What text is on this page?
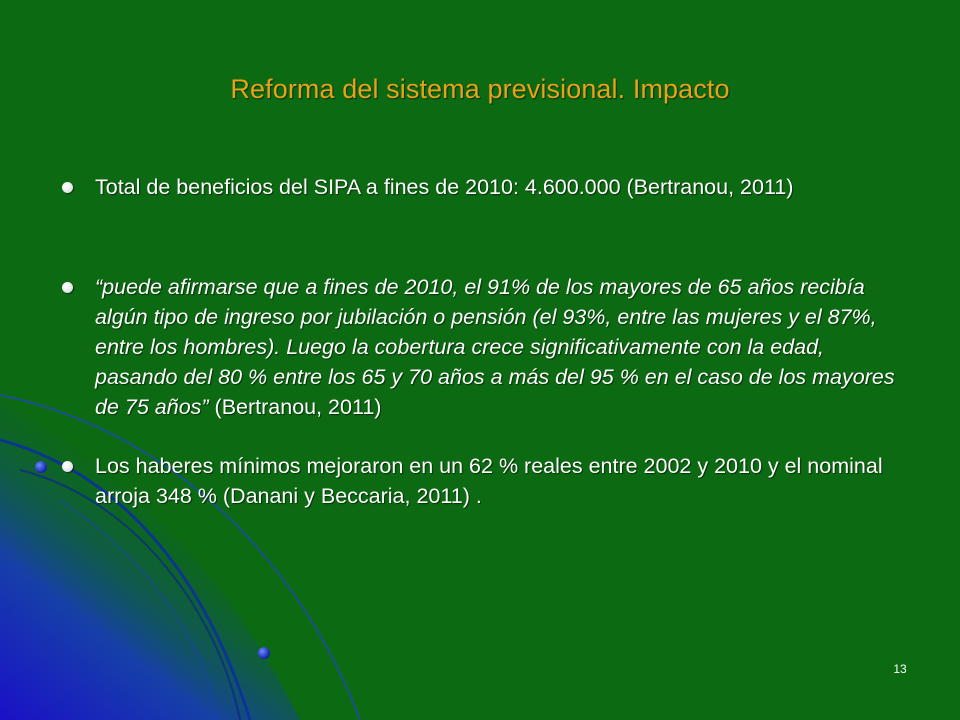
Reforma del sistema previsional. Impacto
Total de beneficios del SIPA a fines de 2010: 4.600.000 (Bertranou, 2011)
“puede afirmarse que a fines de 2010, el 91% de los mayores de 65 años recibía algún tipo de ingreso por jubilación o pensión (el 93%, entre las mujeres y el 87%, entre los hombres). Luego la cobertura crece significativamente con la edad, pasando del 80 % entre los 65 y 70 años a más del 95 % en el caso de los mayores de 75 años” (Bertranou, 2011)
Los haberes mínimos mejoraron en un 62 % reales entre 2002 y 2010 y el nominal arroja 348 % (Danani y Beccaria, 2011) .
13
